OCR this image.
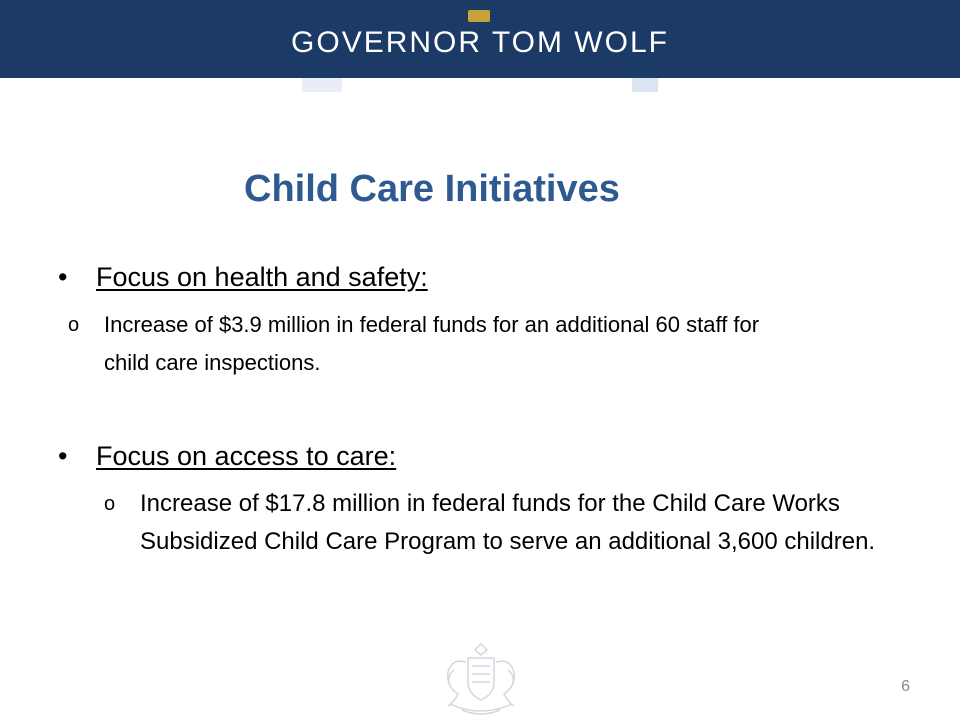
GOVERNOR TOM WOLF
Child Care Initiatives
• Focus on health and safety:
o Increase of $3.9 million in federal funds for an additional 60 staff for child care inspections.
• Focus on access to care:
o Increase of $17.8 million in federal funds for the Child Care Works Subsidized Child Care Program to serve an additional 3,600 children.
6
